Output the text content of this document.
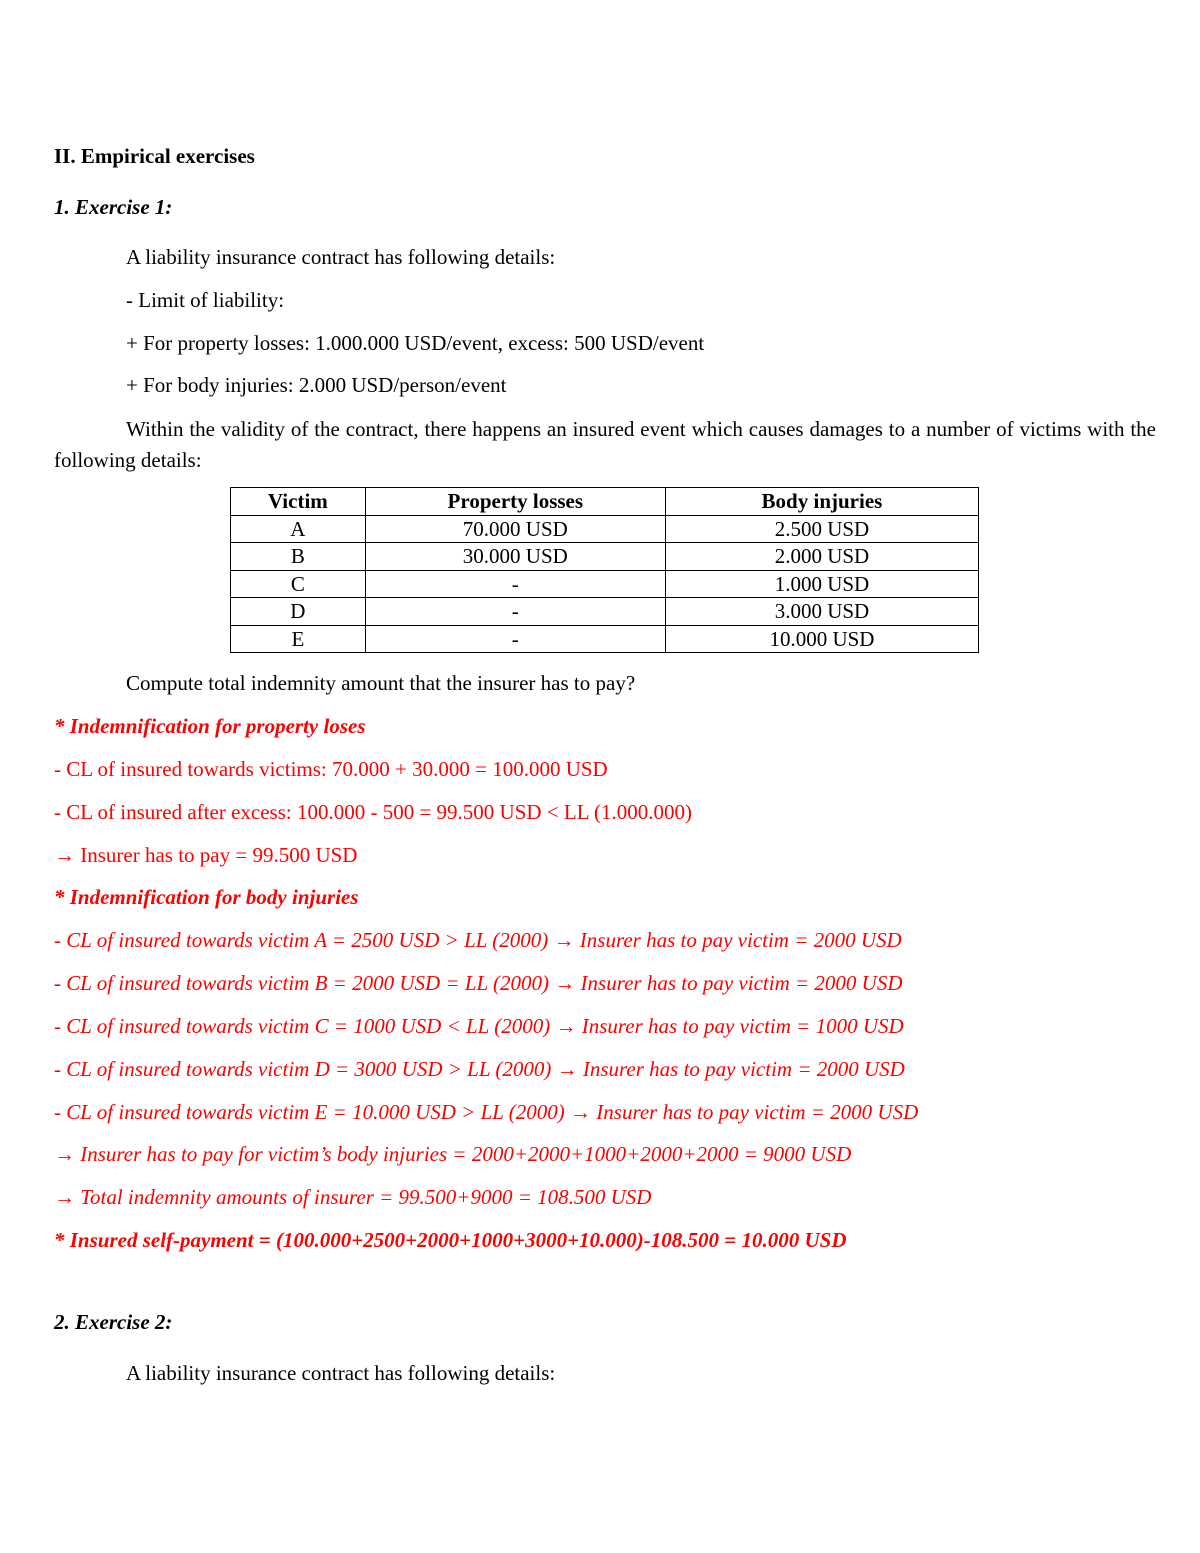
II. Empirical exercises
1. Exercise 1:
A liability insurance contract has following details:
- Limit of liability:
+ For property losses: 1.000.000 USD/event, excess: 500 USD/event
+ For body injuries: 2.000 USD/person/event
Within the validity of the contract, there happens an insured event which causes damages to a number of victims with the following details:
Victim	Property losses	Body injuries
A	70.000 USD	2.500 USD
B	30.000 USD	2.000 USD
C	-	1.000 USD
D	-	3.000 USD
E	-	10.000 USD
Compute total indemnity amount that the insurer has to pay?
* Indemnification for property loses
- CL of insured towards victims: 70.000 + 30.000 = 100.000 USD
- CL of insured after excess: 100.000 - 500 = 99.500 USD < LL (1.000.000)
→ Insurer has to pay = 99.500 USD
* Indemnification for body injuries
- CL of insured towards victim A = 2500 USD > LL (2000) → Insurer has to pay victim = 2000 USD
- CL of insured towards victim B = 2000 USD = LL (2000) → Insurer has to pay victim = 2000 USD
- CL of insured towards victim C = 1000 USD < LL (2000) → Insurer has to pay victim = 1000 USD
- CL of insured towards victim D = 3000 USD > LL (2000) → Insurer has to pay victim = 2000 USD
- CL of insured towards victim E = 10.000 USD > LL (2000) → Insurer has to pay victim = 2000 USD
→ Insurer has to pay for victim’s body injuries = 2000+2000+1000+2000+2000 = 9000 USD
→ Total indemnity amounts of insurer = 99.500+9000 = 108.500 USD
* Insured self-payment = (100.000+2500+2000+1000+3000+10.000)-108.500 = 10.000 USD
2. Exercise 2:
A liability insurance contract has following details:
